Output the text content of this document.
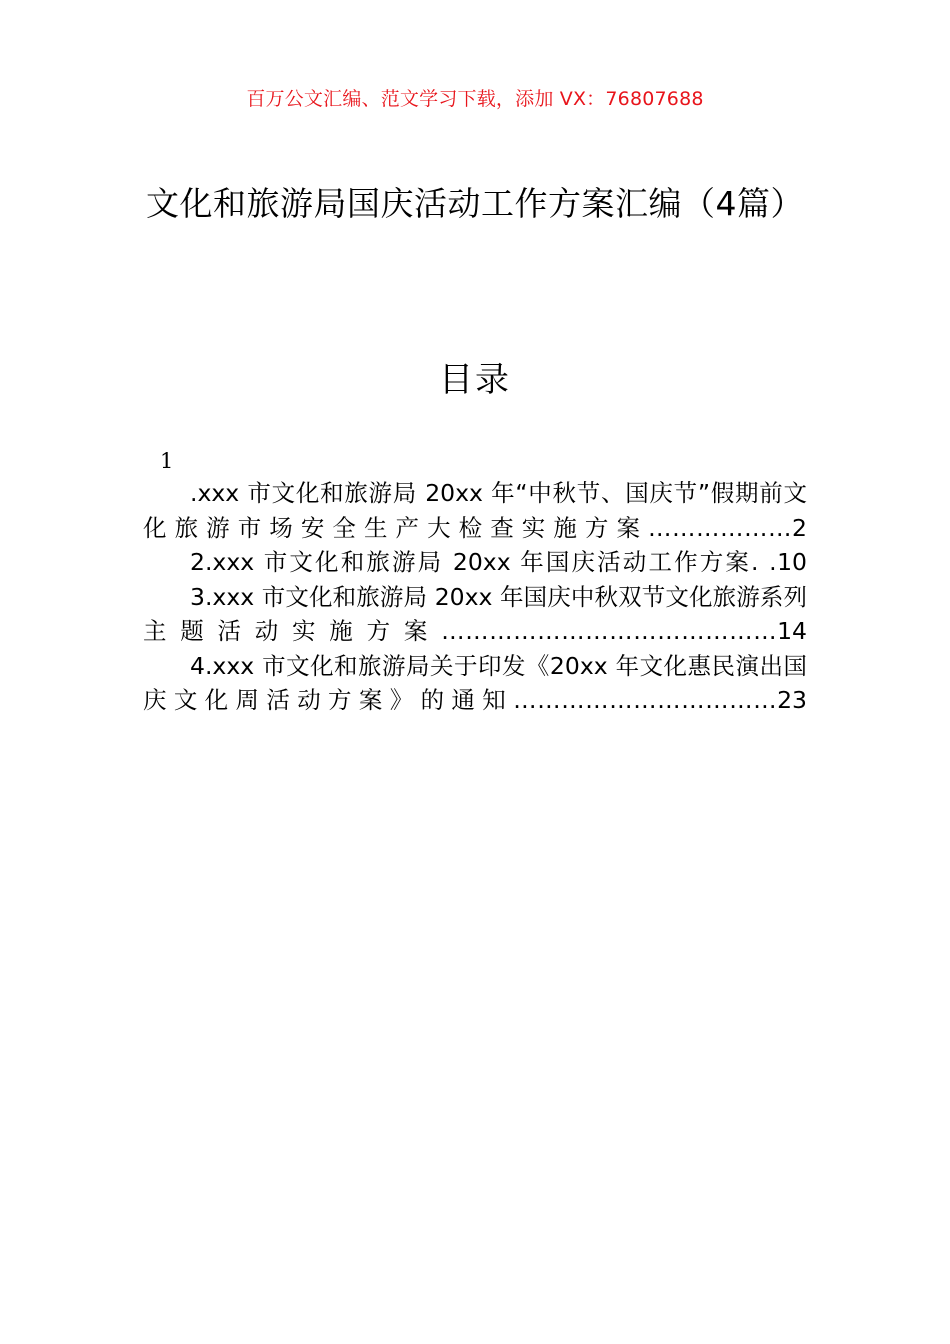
百万公文汇编、范文学习下载，添加 VX：76807688
文化和旅游局国庆活动工作方案汇编（4篇）
目录
1
.xxx 市文化和旅游局 20xx 年“中秋节、国庆节”假期前文化旅游市场安全生产大检查实施方案………………2
2.xxx 市文化和旅游局 20xx 年国庆活动工作方案. .10
3.xxx 市文化和旅游局 20xx 年国庆中秋双节文化旅游系列主题活动实施方案……………………………………14
4.xxx 市文化和旅游局关于印发《20xx 年文化惠民演出国庆文化周活动方案》的通知……………………………23
